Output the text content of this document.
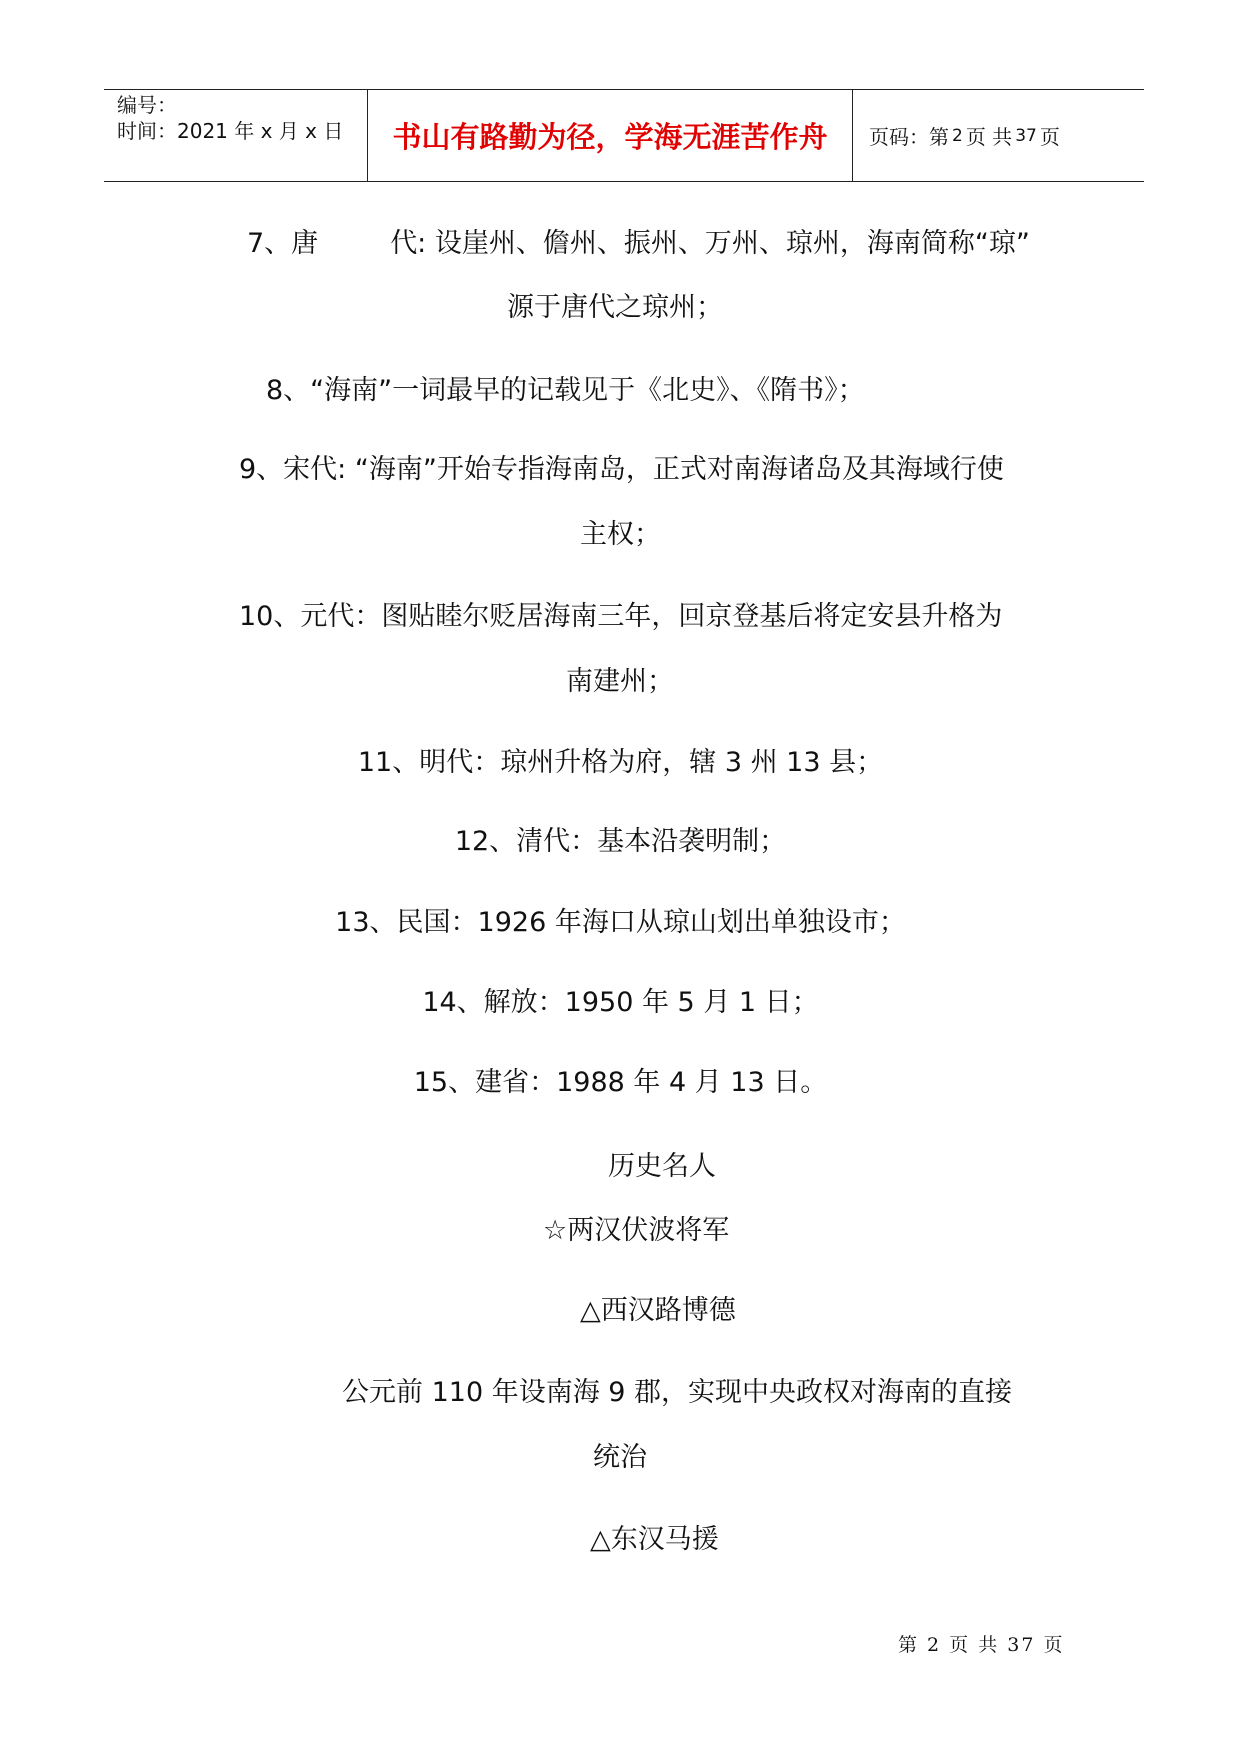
编号：
时间：2021 年 x 月 x 日	书山有路勤为径，学海无涯苦作舟	页码：第 2 页 共 37 页
7、唐	代: 设崖州、儋州、振州、万州、琼州，海南简称“琼”
源于唐代之琼州；
8、“海南”一词最早的记载见于《北史》、《隋书》；
9、宋代: “海南”开始专指海南岛，正式对南海诸岛及其海域行使
主权；
10、元代：图贴睦尔贬居海南三年，回京登基后将定安县升格为
南建州；
11、明代：琼州升格为府，辖 3 州 13 县；
12、清代：基本沿袭明制；
13、民国：1926 年海口从琼山划出单独设市；
14、解放：1950 年 5 月 1 日；
15、建省：1988 年 4 月 13 日。
历史名人
☆两汉伏波将军
△西汉路博德
公元前 110 年设南海 9 郡，实现中央政权对海南的直接
统治
△东汉马援
第 2 页 共 37 页
